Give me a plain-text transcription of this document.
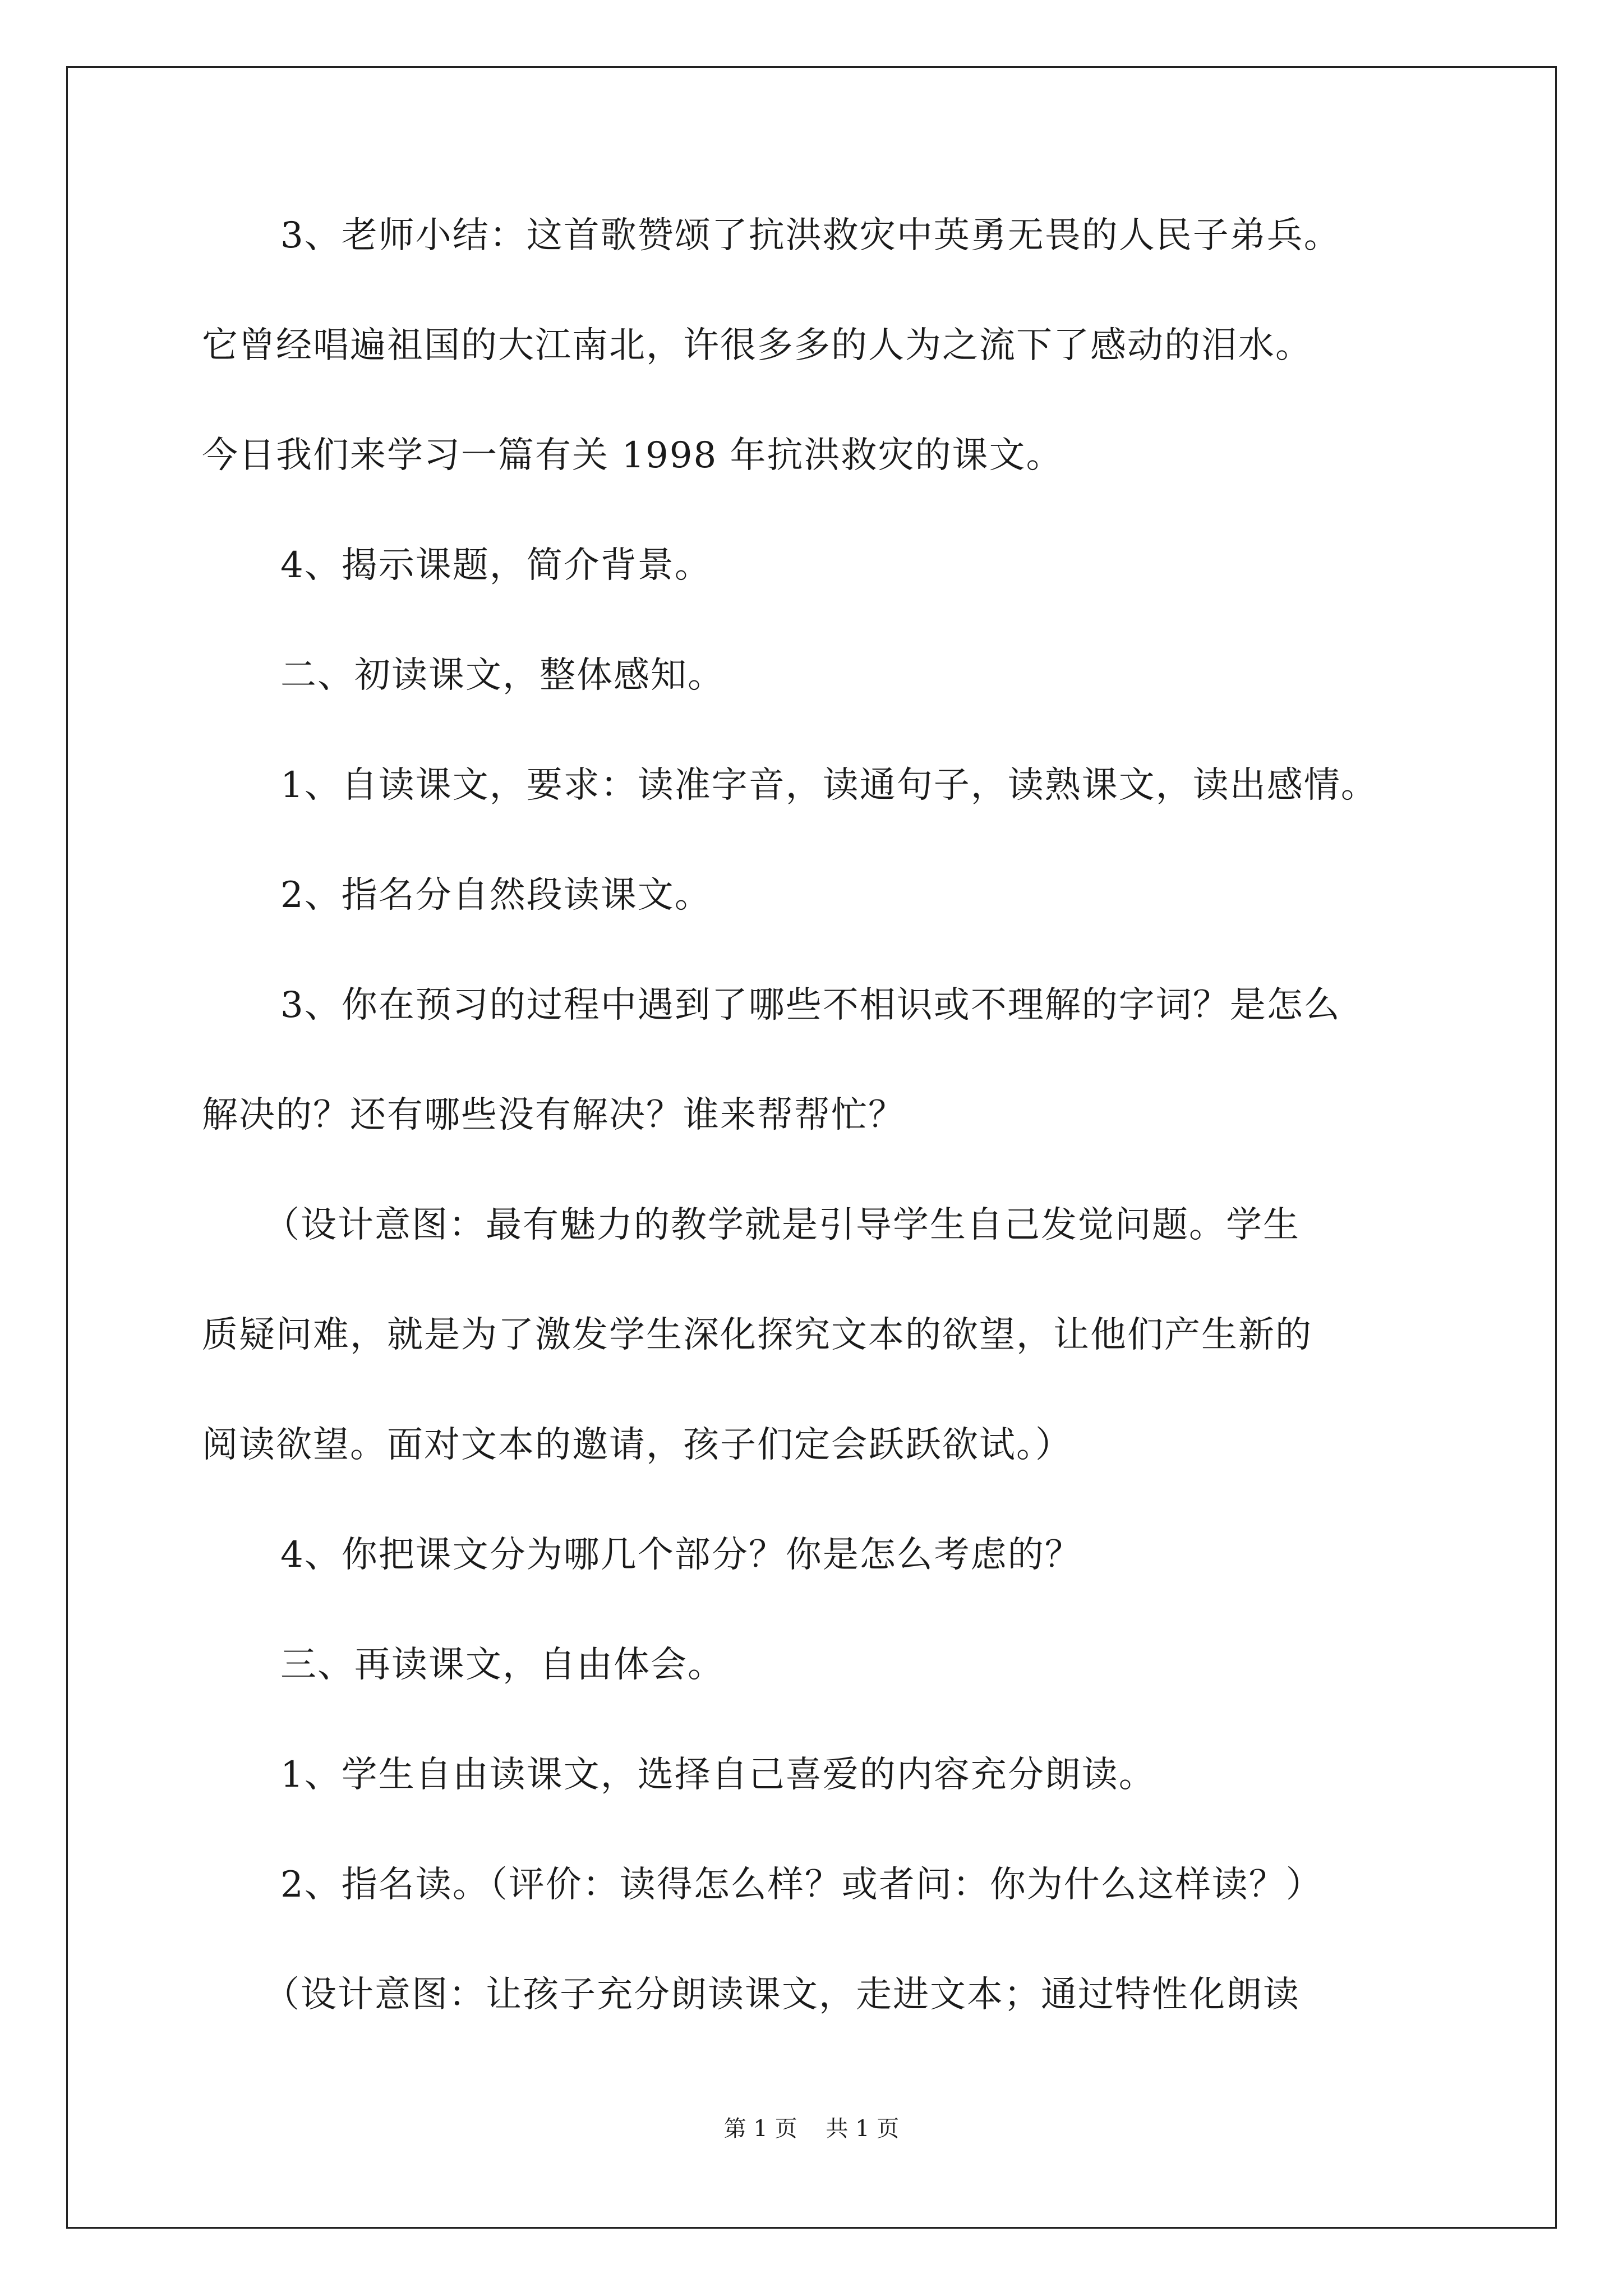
3、老师小结：这首歌赞颂了抗洪救灾中英勇无畏的人民子弟兵。
它曾经唱遍祖国的大江南北，许很多多的人为之流下了感动的泪水。
今日我们来学习一篇有关 1998 年抗洪救灾的课文。
4、揭示课题，简介背景。
二、初读课文，整体感知。
1、自读课文，要求：读准字音，读通句子，读熟课文，读出感情。
2、指名分自然段读课文。
3、你在预习的过程中遇到了哪些不相识或不理解的字词？是怎么
解决的？还有哪些没有解决？谁来帮帮忙？
（设计意图：最有魅力的教学就是引导学生自己发觉问题。学生
质疑问难，就是为了激发学生深化探究文本的欲望，让他们产生新的
阅读欲望。面对文本的邀请，孩子们定会跃跃欲试。）
4、你把课文分为哪几个部分？你是怎么考虑的？
三、再读课文，自由体会。
1、学生自由读课文，选择自己喜爱的内容充分朗读。
2、指名读。（评价：读得怎么样？或者问：你为什么这样读？）
（设计意图：让孩子充分朗读课文，走进文本；通过特性化朗读
第 1 页    共 1 页
